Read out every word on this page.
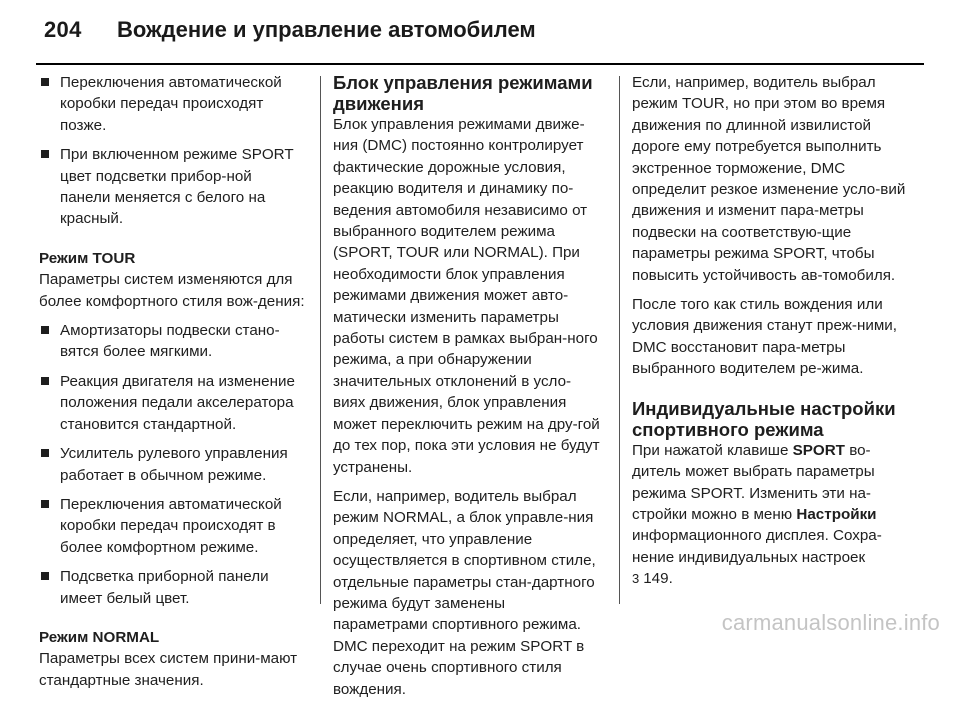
204 Вождение и управление автомобилем
Переключения автоматической коробки передач происходят позже.
При включенном режиме SPORT цвет подсветки прибор-ной панели меняется с белого на красный.
Режим TOUR

Параметры систем изменяются для более комфортного стиля вож-дения:

Амортизаторы подвески стано-вятся более мягкими.
Реакция двигателя на изменение положения педали акселератора становится стандартной.
Усилитель рулевого управления работает в обычном режиме.
Переключения автоматической коробки передач происходят в более комфортном режиме.
Подсветка приборной панели имеет белый цвет.
Режим NORMAL

Параметры всех систем прини-мают стандартные значения.

Блок управления режимами движения

Блок управления режимами движе-ния (DMC) постоянно контролирует фактические дорожные условия, реакцию водителя и динамику по-ведения автомобиля независимо от выбранного водителем режима (SPORT, TOUR или NORMAL). При необходимости блок управления режимами движения может авто-матически изменить параметры работы систем в рамках выбран-ного режима, а при обнаружении значительных отклонений в усло-виях движения, блок управления может переключить режим на дру-гой до тех пор, пока эти условия не будут устранены.

Если, например, водитель выбрал режим NORMAL, а блок управле-ния определяет, что управление осуществляется в спортивном стиле, отдельные параметры стан-дартного режима будут заменены параметрами спортивного режима. DMC переходит на режим SPORT в случае очень спортивного стиля вождения.

Если, например, водитель выбрал режим TOUR, но при этом во время движения по длинной извилистой дороге ему потребуется выполнить экстренное торможение, DMC определит резкое изменение усло-вий движения и изменит пара-метры подвески на соответствую-щие параметры режима SPORT, чтобы повысить устойчивость ав-томобиля.

После того как стиль вождения или условия движения станут преж-ними, DMC восстановит пара-метры выбранного водителем ре-жима.

Индивидуальные настройки спортивного режима

При нажатой клавише SPORT во-дитель может выбрать параметры режима SPORT. Изменить эти на-стройки можно в меню Настройки информационного дисплея. Сохра-нение индивидуальных настроек
3 149.

carmanualsonline.info
